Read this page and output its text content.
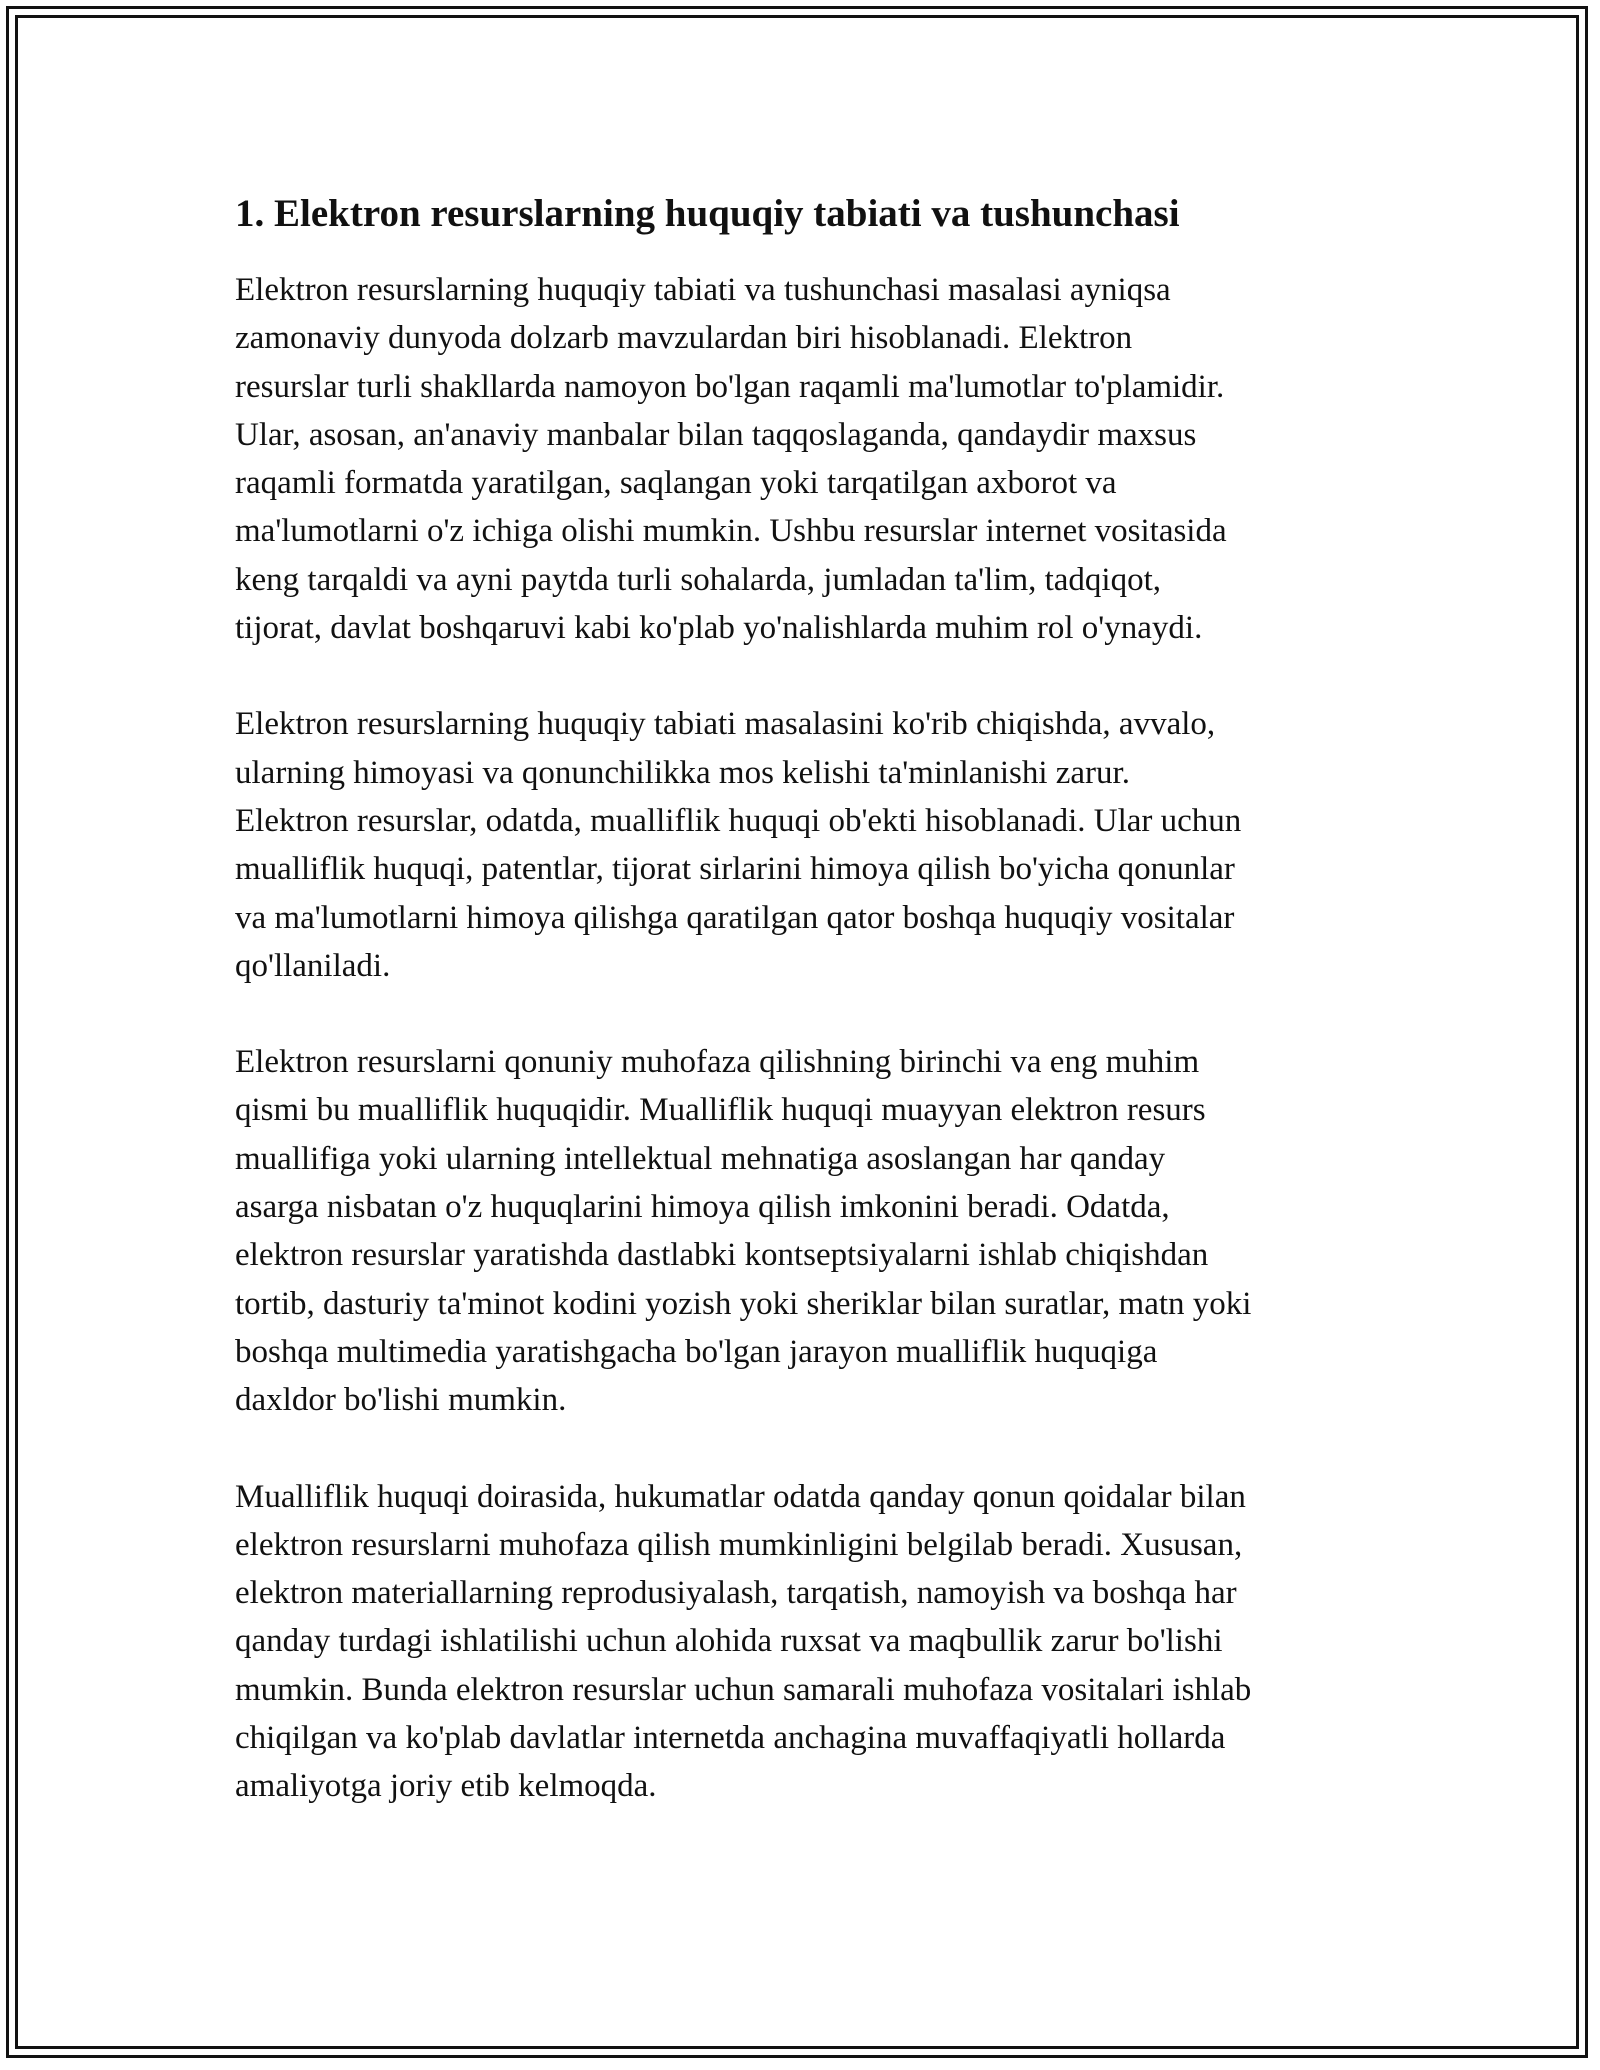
1. Elektron resurslarning huquqiy tabiati va tushunchasi

Elektron resurslarning huquqiy tabiati va tushunchasi masalasi ayniqsa
zamonaviy dunyoda dolzarb mavzulardan biri hisoblanadi. Elektron
resurslar turli shakllarda namoyon bo'lgan raqamli ma'lumotlar to'plamidir.
Ular, asosan, an'anaviy manbalar bilan taqqoslaganda, qandaydir maxsus
raqamli formatda yaratilgan, saqlangan yoki tarqatilgan axborot va
ma'lumotlarni o'z ichiga olishi mumkin. Ushbu resurslar internet vositasida
keng tarqaldi va ayni paytda turli sohalarda, jumladan ta'lim, tadqiqot,
tijorat, davlat boshqaruvi kabi ko'plab yo'nalishlarda muhim rol o'ynaydi.

Elektron resurslarning huquqiy tabiati masalasini ko'rib chiqishda, avvalo,
ularning himoyasi va qonunchilikka mos kelishi ta'minlanishi zarur.
Elektron resurslar, odatda, mualliflik huquqi ob'ekti hisoblanadi. Ular uchun
mualliflik huquqi, patentlar, tijorat sirlarini himoya qilish bo'yicha qonunlar
va ma'lumotlarni himoya qilishga qaratilgan qator boshqa huquqiy vositalar
qo'llaniladi.

Elektron resurslarni qonuniy muhofaza qilishning birinchi va eng muhim
qismi bu mualliflik huquqidir. Mualliflik huquqi muayyan elektron resurs
muallifiga yoki ularning intellektual mehnatiga asoslangan har qanday
asarga nisbatan o'z huquqlarini himoya qilish imkonini beradi. Odatda,
elektron resurslar yaratishda dastlabki kontseptsiyalarni ishlab chiqishdan
tortib, dasturiy ta'minot kodini yozish yoki sheriklar bilan suratlar, matn yoki
boshqa multimedia yaratishgacha bo'lgan jarayon mualliflik huquqiga
daxldor bo'lishi mumkin.

Mualliflik huquqi doirasida, hukumatlar odatda qanday qonun qoidalar bilan
elektron resurslarni muhofaza qilish mumkinligini belgilab beradi. Xususan,
elektron materiallarning reprodusiyalash, tarqatish, namoyish va boshqa har
qanday turdagi ishlatilishi uchun alohida ruxsat va maqbullik zarur bo'lishi
mumkin. Bunda elektron resurslar uchun samarali muhofaza vositalari ishlab
chiqilgan va ko'plab davlatlar internetda anchagina muvaffaqiyatli hollarda
amaliyotga joriy etib kelmoqda.
